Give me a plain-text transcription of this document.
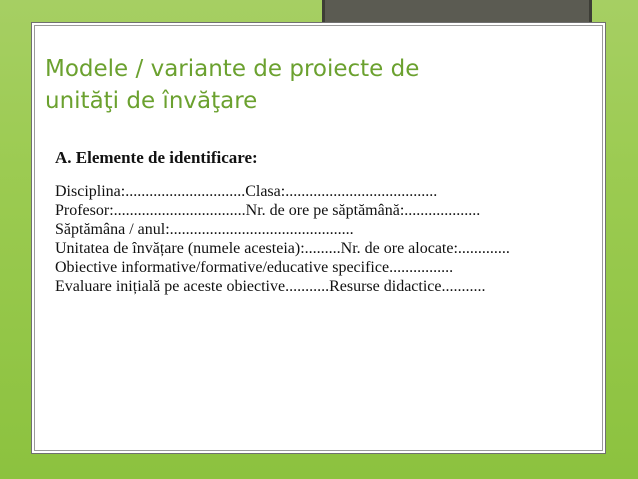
Modele / variante de proiecte de
unităţi de învăţare
A. Elemente de identificare:
Disciplina:..............................Clasa:......................................
Profesor:.................................Nr. de ore pe săptămână:...................
Săptămâna / anul:..............................................
Unitatea de învățare (numele acesteia):.........Nr. de ore alocate:.............
Obiective informative/formative/educative specifice................
Evaluare inițială pe aceste obiective...........Resurse didactice...........
